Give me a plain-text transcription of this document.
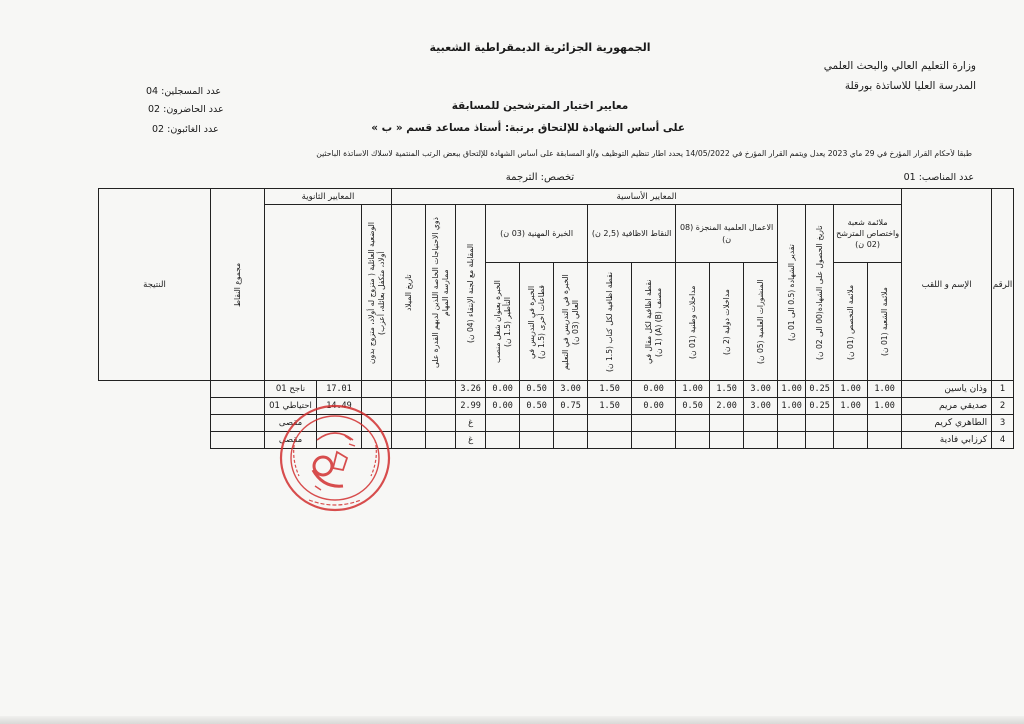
الجمهورية الجزائرية الديمقراطية الشعبية
وزارة التعليم العالي والبحث العلمي
المدرسة العليا للاساتذة بورقلة
عدد المسجلين: 04
عدد الحاضرون: 02
عدد الغائبون: 02
معايير اختيار المترشحين للمسابقة
على أساس الشهادة للإلتحاق برتبة: أستاذ مساعد قسم « ب »
طبقا لأحكام القرار المؤرخ في 29 ماي 2023 يعدل ويتمم القرار المؤرخ في 14/05/2022 يحدد اطار تنظيم التوظيف و/أو المسابقة على أساس الشهادة للإلتحاق ببعض الرتب المنتمية لاسلاك الاساتذة الباحثين
عدد المناصب: 01
تخصص: الترجمة
الرقم	الإسم و اللقب	المعايير الأساسية															المعايير الثانوية			مجموع النقاط	النتيجة	
		ملائمة شعبة واختصاص المترشح (02 ن)		تاريخ الحصول على الشهادة(00 الى 02 ن)	تقدير الشهادة (0.5 الى 01 ن)	الاعمال العلمية المنجزة (08 ن)			النقاط الاظافية (2,5 ن)		الخبرة المهنية (03 ن)			المقابلة مع لجنة الإنتقاء (04 ن)	ذوي الاحتياجات الخاصة اللذين لديهم القدرة على ممارسة المهام	تاريخ الميلاد	الوضعية العائلية ( متزوج له أولاد، متزوج بدون أولاد، متكفل بعائلة، أعزب)					

		ملائمة الشعبة (01 ن)	ملائمة التخصص (01 ن)			المنشورات العلمية (05 ن)	مداخلات دولية (2 ن)	مداخلات وطنية (01 ن)	نقطة اظافية لكل مقال في مصنف (B) (A) (1 ن)	نقطة اظافية لكل كتاب (1.5 ن)	الخبرة في التدريس في التعليم العالي (03 ن)	الخبرة في التدريس في قطاعات أخرى (1.5 ن)	الخبرة بعنوان شغل منصب التأطير (1.5 ن)									

1	وذان ياسين	1.00	1.00	0.25	1.00	3.00	1.50	1.00	0.00	1.50	3.00	0.50	0.00	3.26				17.01	ناجح 01			
2	صديقي مريم	1.00	1.00	0.25	1.00	3.00	2.00	0.50	0.00	1.50	0.75	0.50	0.00	2.99				14.49	احتياطي 01			
3	الطاهري كريم													غ					مقصى			
4	كرزابي فادية													غ					مقصى			
